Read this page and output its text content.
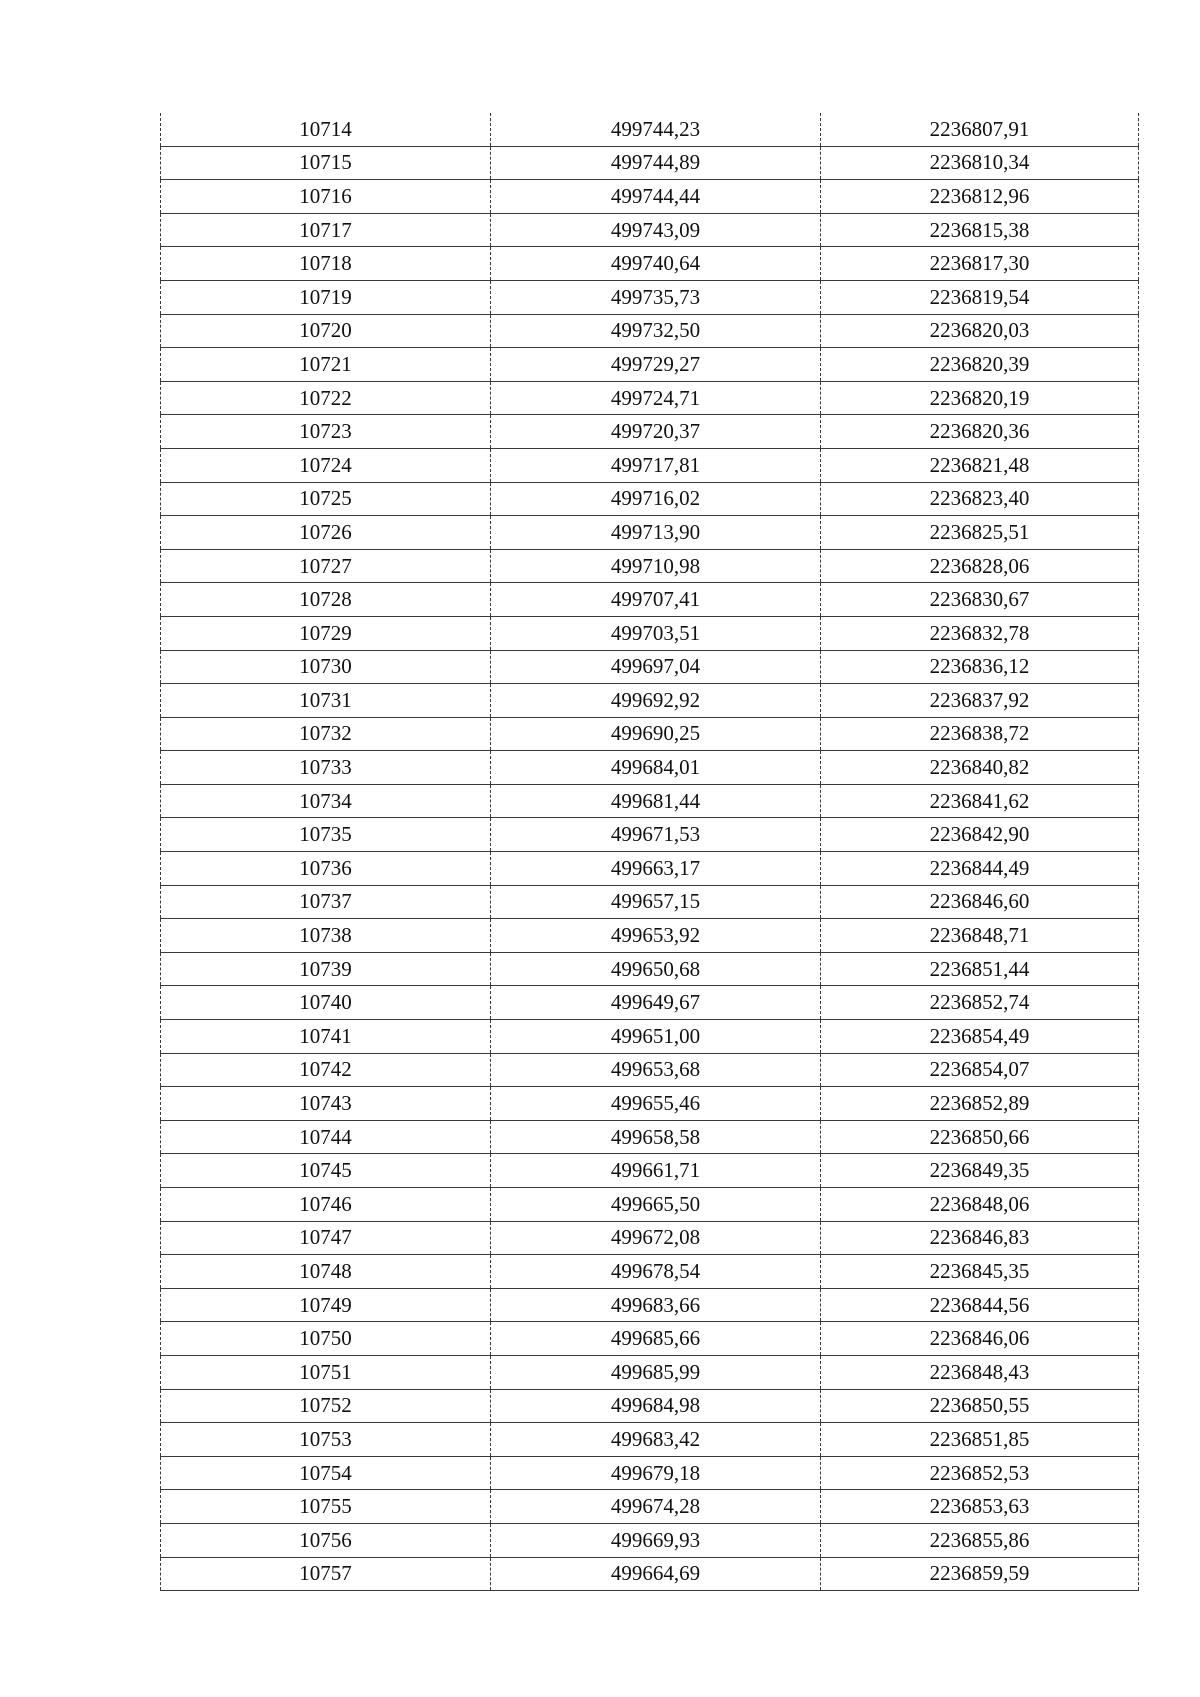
10714	499744,23	2236807,91
10715	499744,89	2236810,34
10716	499744,44	2236812,96
10717	499743,09	2236815,38
10718	499740,64	2236817,30
10719	499735,73	2236819,54
10720	499732,50	2236820,03
10721	499729,27	2236820,39
10722	499724,71	2236820,19
10723	499720,37	2236820,36
10724	499717,81	2236821,48
10725	499716,02	2236823,40
10726	499713,90	2236825,51
10727	499710,98	2236828,06
10728	499707,41	2236830,67
10729	499703,51	2236832,78
10730	499697,04	2236836,12
10731	499692,92	2236837,92
10732	499690,25	2236838,72
10733	499684,01	2236840,82
10734	499681,44	2236841,62
10735	499671,53	2236842,90
10736	499663,17	2236844,49
10737	499657,15	2236846,60
10738	499653,92	2236848,71
10739	499650,68	2236851,44
10740	499649,67	2236852,74
10741	499651,00	2236854,49
10742	499653,68	2236854,07
10743	499655,46	2236852,89
10744	499658,58	2236850,66
10745	499661,71	2236849,35
10746	499665,50	2236848,06
10747	499672,08	2236846,83
10748	499678,54	2236845,35
10749	499683,66	2236844,56
10750	499685,66	2236846,06
10751	499685,99	2236848,43
10752	499684,98	2236850,55
10753	499683,42	2236851,85
10754	499679,18	2236852,53
10755	499674,28	2236853,63
10756	499669,93	2236855,86
10757	499664,69	2236859,59
